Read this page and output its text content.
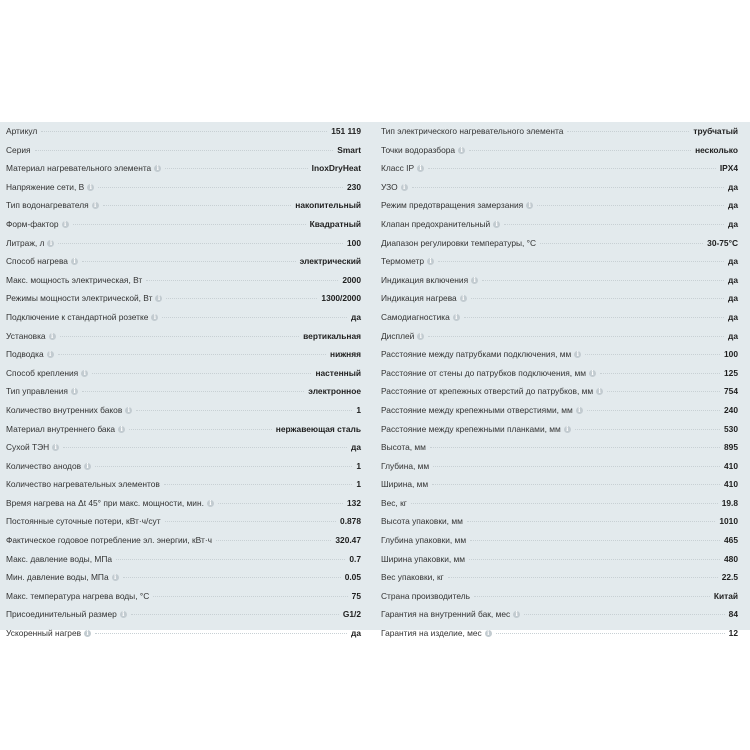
Артикул	151 119
Серия	Smart
Материал нагревательного элемента i	InoxDryHeat
Напряжение сети, В i	230
Тип водонагревателя i	накопительный
Форм-фактор i	Квадратный
Литраж, л i	100
Способ нагрева i	электрический
Макс. мощность электрическая, Вт	2000
Режимы мощности электрической, Вт i	1300/2000
Подключение к стандартной розетке i	да
Установка i	вертикальная
Подводка i	нижняя
Способ крепления i	настенный
Тип управления i	электронное
Количество внутренних баков i	1
Материал внутреннего бака i	нержавеющая сталь
Сухой ТЭН i	да
Количество анодов i	1
Количество нагревательных элементов	1
Время нагрева на Δt 45° при макс. мощности, мин. i	132
Постоянные суточные потери, кВт·ч/сут	0.878
Фактическое годовое потребление эл. энергии, кВт·ч	320.47
Макс. давление воды, МПа	0.7
Мин. давление воды, МПа i	0.05
Макс. температура нагрева воды, °С	75
Присоединительный размер i	G1/2
Ускоренный нагрев i	да
Тип электрического нагревательного элемента	трубчатый
Точки водоразбора i	несколько
Класс IP i	IPX4
УЗО i	да
Режим предотвращения замерзания i	да
Клапан предохранительный i	да
Диапазон регулировки температуры, °С	30-75°С
Термометр i	да
Индикация включения i	да
Индикация нагрева i	да
Самодиагностика i	да
Дисплей i	да
Расстояние между патрубками подключения, мм i	100
Расстояние от стены до патрубков подключения, мм i	125
Расстояние от крепежных отверстий до патрубков, мм i	754
Расстояние между крепежными отверстиями, мм i	240
Расстояние между крепежными планками, мм i	530
Высота, мм	895
Глубина, мм	410
Ширина, мм	410
Вес, кг	19.8
Высота упаковки, мм	1010
Глубина упаковки, мм	465
Ширина упаковки, мм	480
Вес упаковки, кг	22.5
Страна производитель	Китай
Гарантия на внутренний бак, мес i	84
Гарантия на изделие, мес i	12
